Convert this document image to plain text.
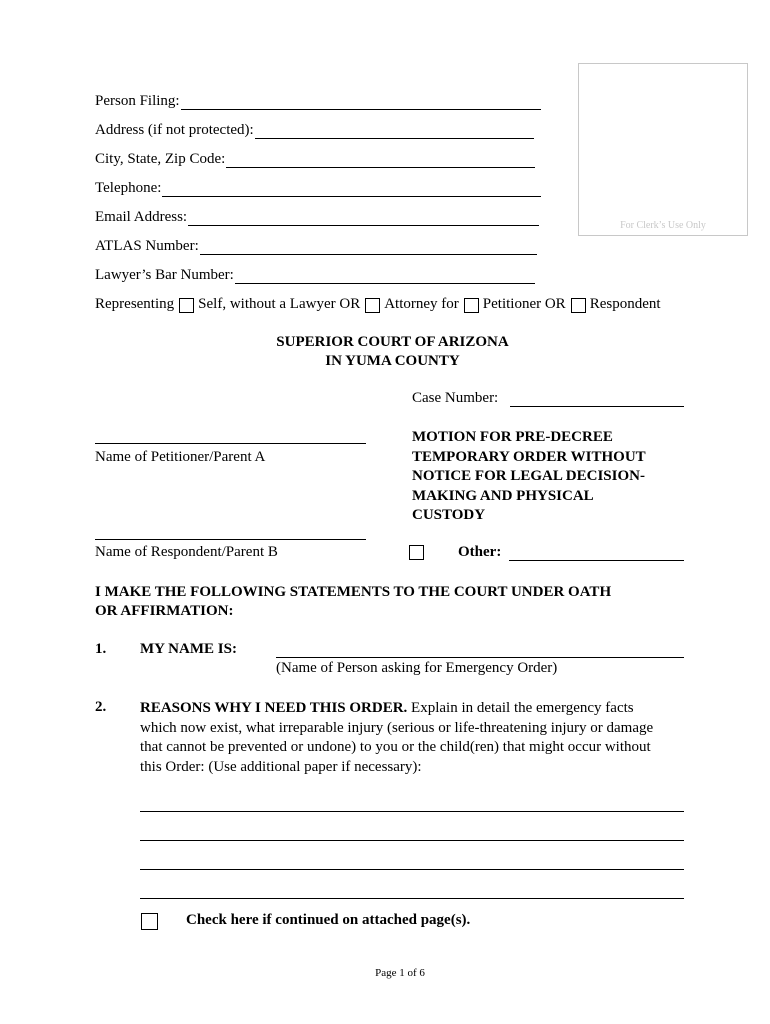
Person Filing:
Address (if not protected):
City, State, Zip Code:
Telephone:
Email Address:
ATLAS Number:
Lawyer’s Bar Number:
Representing Self, without a Lawyer OR Attorney for Petitioner OR Respondent
For Clerk’s Use Only
SUPERIOR COURT OF ARIZONA
IN YUMA COUNTY
Case Number:
Name of Petitioner/Parent A
MOTION FOR PRE-DECREE
TEMPORARY ORDER WITHOUT
NOTICE FOR LEGAL DECISION-
MAKING AND PHYSICAL
CUSTODY
Name of Respondent/Parent B	Other:
I MAKE THE FOLLOWING STATEMENTS TO THE COURT UNDER OATH
OR AFFIRMATION:
1. MY NAME IS:
(Name of Person asking for Emergency Order)
2. REASONS WHY I NEED THIS ORDER. Explain in detail the emergency facts
which now exist, what irreparable injury (serious or life-threatening injury or damage
that cannot be prevented or undone) to you or the child(ren) that might occur without
this Order: (Use additional paper if necessary):
Check here if continued on attached page(s).
Page 1 of 6
